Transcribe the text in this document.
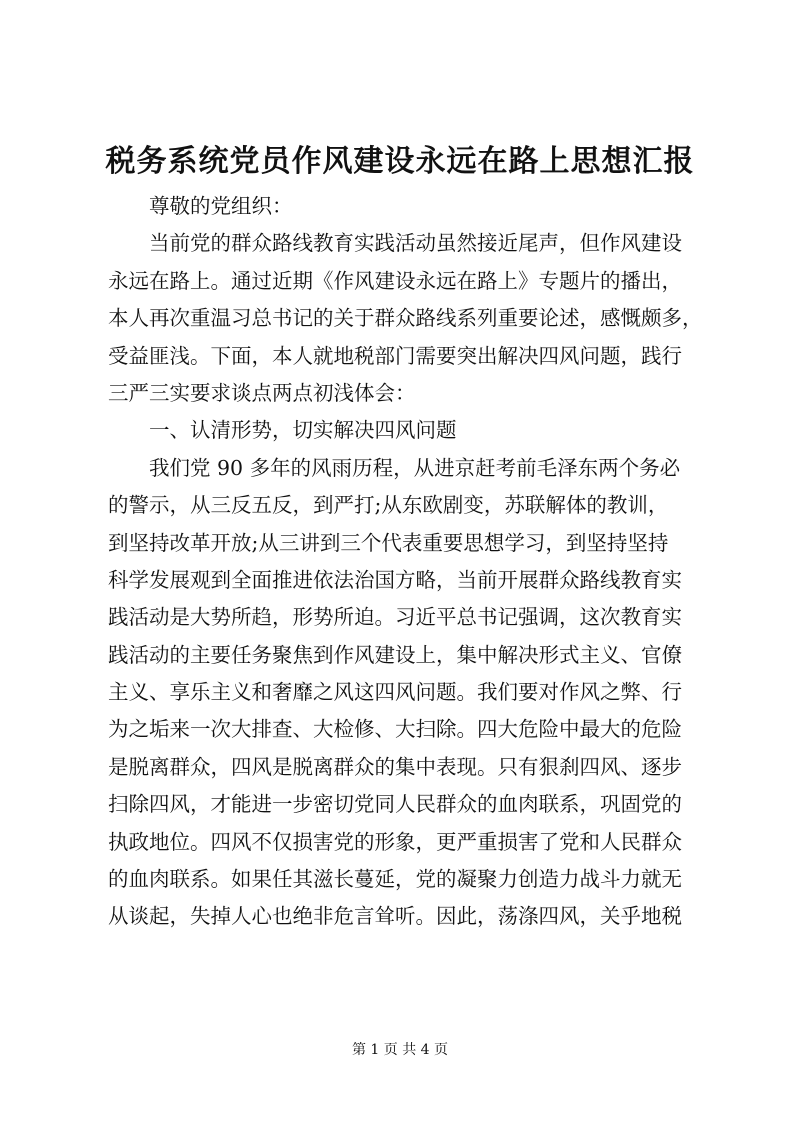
税务系统党员作风建设永远在路上思想汇报

尊敬的党组织：

当前党的群众路线教育实践活动虽然接近尾声，但作风建设

永远在路上。通过近期《作风建设永远在路上》专题片的播出，

本人再次重温习总书记的关于群众路线系列重要论述，感慨颇多，

受益匪浅。下面，本人就地税部门需要突出解决四风问题，践行

三严三实要求谈点两点初浅体会：

一、认清形势，切实解决四风问题

我们党 90 多年的风雨历程，从进京赶考前毛泽东两个务必

的警示，从三反五反，到严打;从东欧剧变，苏联解体的教训，

到坚持改革开放;从三讲到三个代表重要思想学习，到坚持坚持

科学发展观到全面推进依法治国方略，当前开展群众路线教育实

践活动是大势所趋，形势所迫。习近平总书记强调，这次教育实

践活动的主要任务聚焦到作风建设上，集中解决形式主义、官僚

主义、享乐主义和奢靡之风这四风问题。我们要对作风之弊、行

为之垢来一次大排查、大检修、大扫除。四大危险中最大的危险

是脱离群众，四风是脱离群众的集中表现。只有狠刹四风、逐步

扫除四风，才能进一步密切党同人民群众的血肉联系，巩固党的

执政地位。四风不仅损害党的形象，更严重损害了党和人民群众

的血肉联系。如果任其滋长蔓延，党的凝聚力创造力战斗力就无

从谈起，失掉人心也绝非危言耸听。因此，荡涤四风，关乎地税

第 1 页 共 4 页
